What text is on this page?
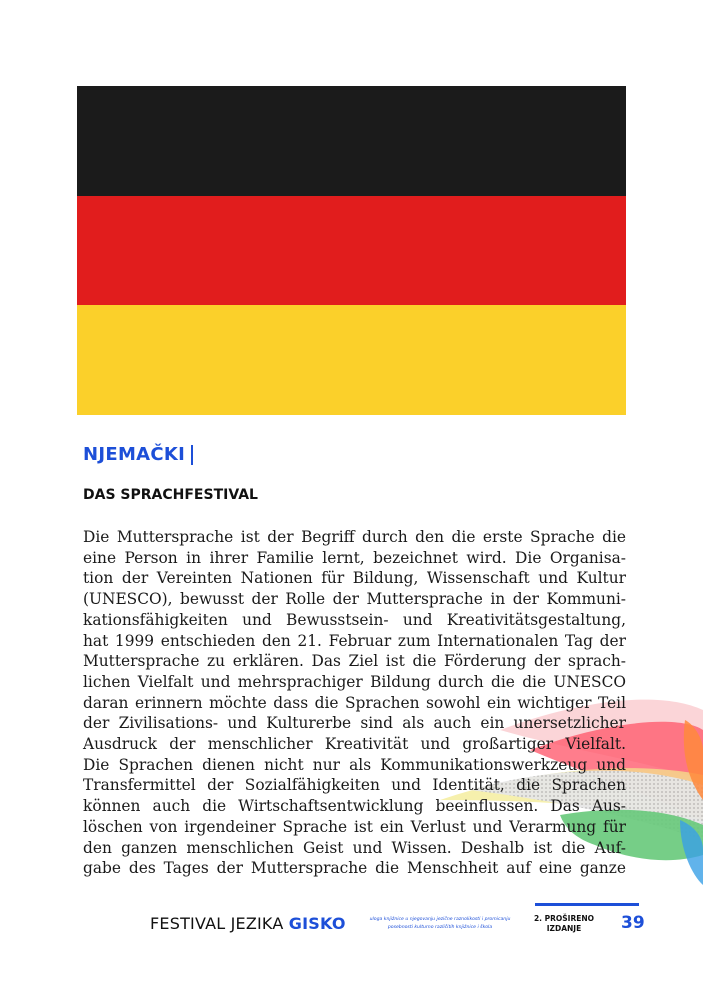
NJEMAČKI
DAS SPRACHFESTIVAL

Die Muttersprache ist der Begriff durch den die erste Sprache die
eine Person in ihrer Familie lernt, bezeichnet wird. Die Organisa-
tion der Vereinten Nationen für Bildung, Wissenschaft und Kultur
(UNESCO), bewusst der Rolle der Muttersprache in der Kommuni-
kationsfähigkeiten und Bewusstsein- und Kreativitätsgestaltung,
hat 1999 entschieden den 21. Februar zum Internationalen Tag der
Muttersprache zu erklären. Das Ziel ist die Förderung der sprach-
lichen Vielfalt und mehrsprachiger Bildung durch die die UNESCO
daran erinnern möchte dass die Sprachen sowohl ein wichtiger Teil
der Zivilisations- und Kulturerbe sind als auch ein unersetzlicher
Ausdruck der menschlicher Kreativität und großartiger Vielfalt.
Die Sprachen dienen nicht nur als Kommunikationswerkzeug und
Transfermittel der Sozialfähigkeiten und Identität, die Sprachen
können auch die Wirtschaftsentwicklung beeinflussen. Das Aus-
löschen von irgendeiner Sprache ist ein Verlust und Verarmung für
den ganzen menschlichen Geist und Wissen. Deshalb ist die Auf-
gabe des Tages der Muttersprache die Menschheit auf eine ganze

FESTIVAL JEZIKA GISKO	uloga knjižnice u njegovanju jezične raznolikosti i promicanju posebnosti kulturno različitih knjižnice i škola
2. PROŠIRENO
IZDANJE	39
